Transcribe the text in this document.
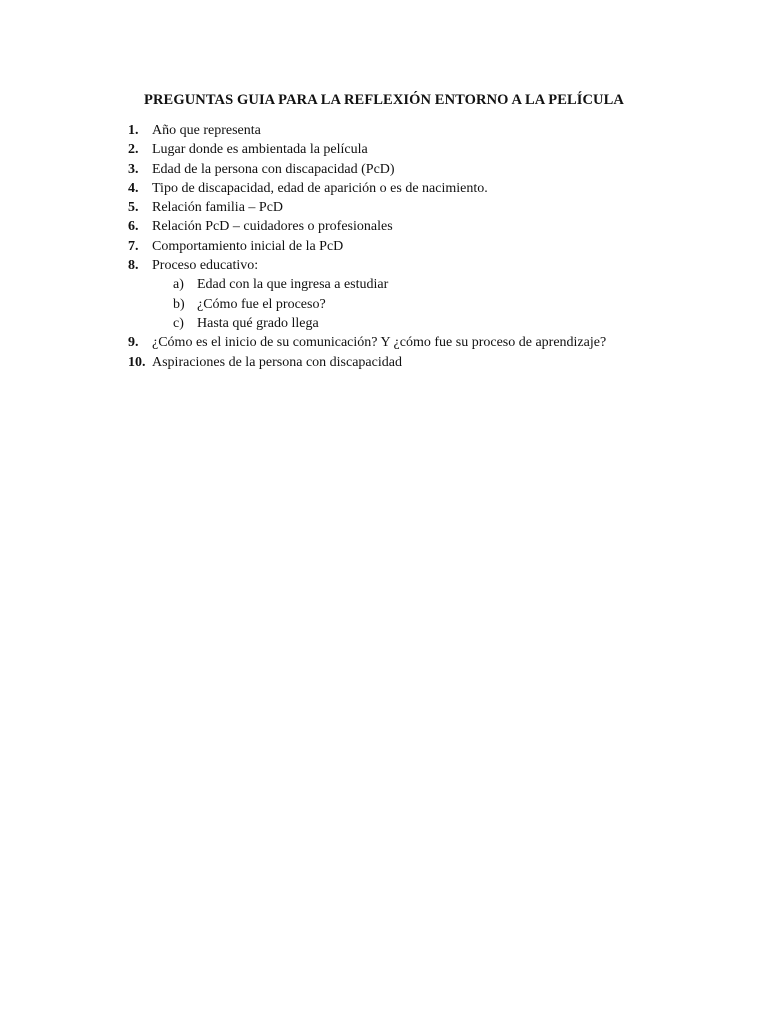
PREGUNTAS GUIA PARA LA REFLEXIÓN ENTORNO A LA PELÍCULA
1. Año que representa
2. Lugar donde es ambientada la película
3. Edad de la persona con discapacidad (PcD)
4. Tipo de discapacidad, edad de aparición o es de nacimiento.
5. Relación familia – PcD
6. Relación PcD – cuidadores o profesionales
7. Comportamiento inicial de la PcD
8. Proceso educativo:
a) Edad con la que ingresa a estudiar
b) ¿Cómo fue el proceso?
c) Hasta qué grado llega
9. ¿Cómo es el inicio de su comunicación? Y ¿cómo fue su proceso de aprendizaje?
10. Aspiraciones de la persona con discapacidad
